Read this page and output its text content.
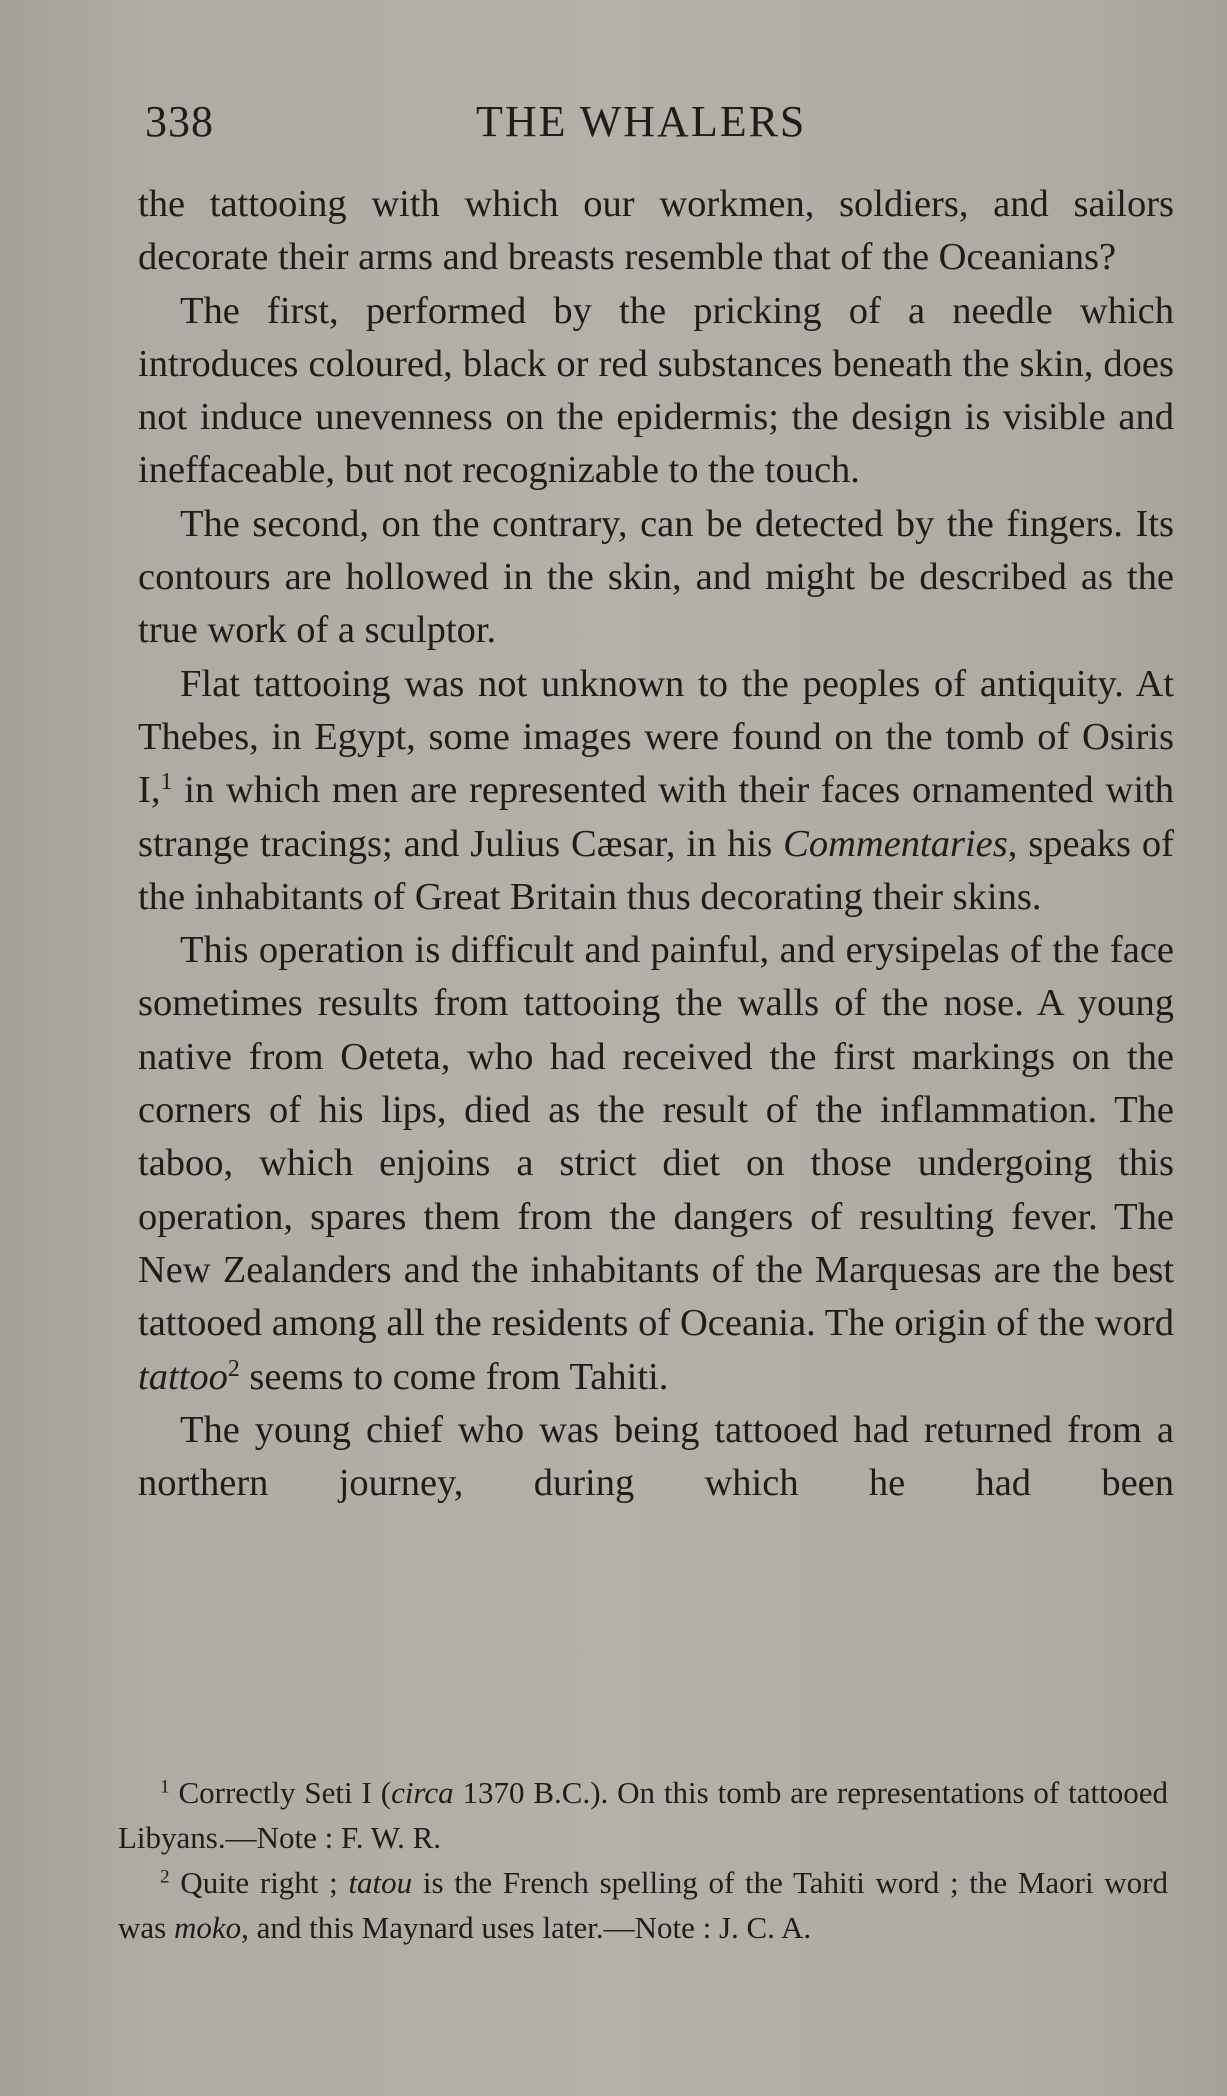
338	THE WHALERS

the tattooing with which our workmen, soldiers, and sailors decorate their arms and breasts resemble that of the Oceanians?

The first, performed by the pricking of a needle which introduces coloured, black or red substances beneath the skin, does not induce unevenness on the epidermis; the design is visible and ineffaceable, but not recognizable to the touch.

The second, on the contrary, can be detected by the fingers. Its contours are hollowed in the skin, and might be described as the true work of a sculptor.

Flat tattooing was not unknown to the peoples of antiquity. At Thebes, in Egypt, some images were found on the tomb of Osiris I,$^1$ in which men are represented with their faces ornamented with strange tracings; and Julius Cæsar, in his Commentaries, speaks of the inhabitants of Great Britain thus decorating their skins.

This operation is difficult and painful, and erysipelas of the face sometimes results from tattooing the walls of the nose. A young native from Oeteta, who had received the first markings on the corners of his lips, died as the result of the inflammation. The taboo, which enjoins a strict diet on those undergoing this operation, spares them from the dangers of resulting fever. The New Zealanders and the inhabitants of the Marquesas are the best tattooed among all the residents of Oceania. The origin of the word tattoo$^2$ seems to come from Tahiti.

The young chief who was being tattooed had returned from a northern journey, during which he had been

$^1$ Correctly Seti I (circa 1370 B.C.). On this tomb are representations of tattooed Libyans.—Note : F. W. R.

$^2$ Quite right ; tatou is the French spelling of the Tahiti word ; the Maori word was moko, and this Maynard uses later.—Note : J. C. A.
